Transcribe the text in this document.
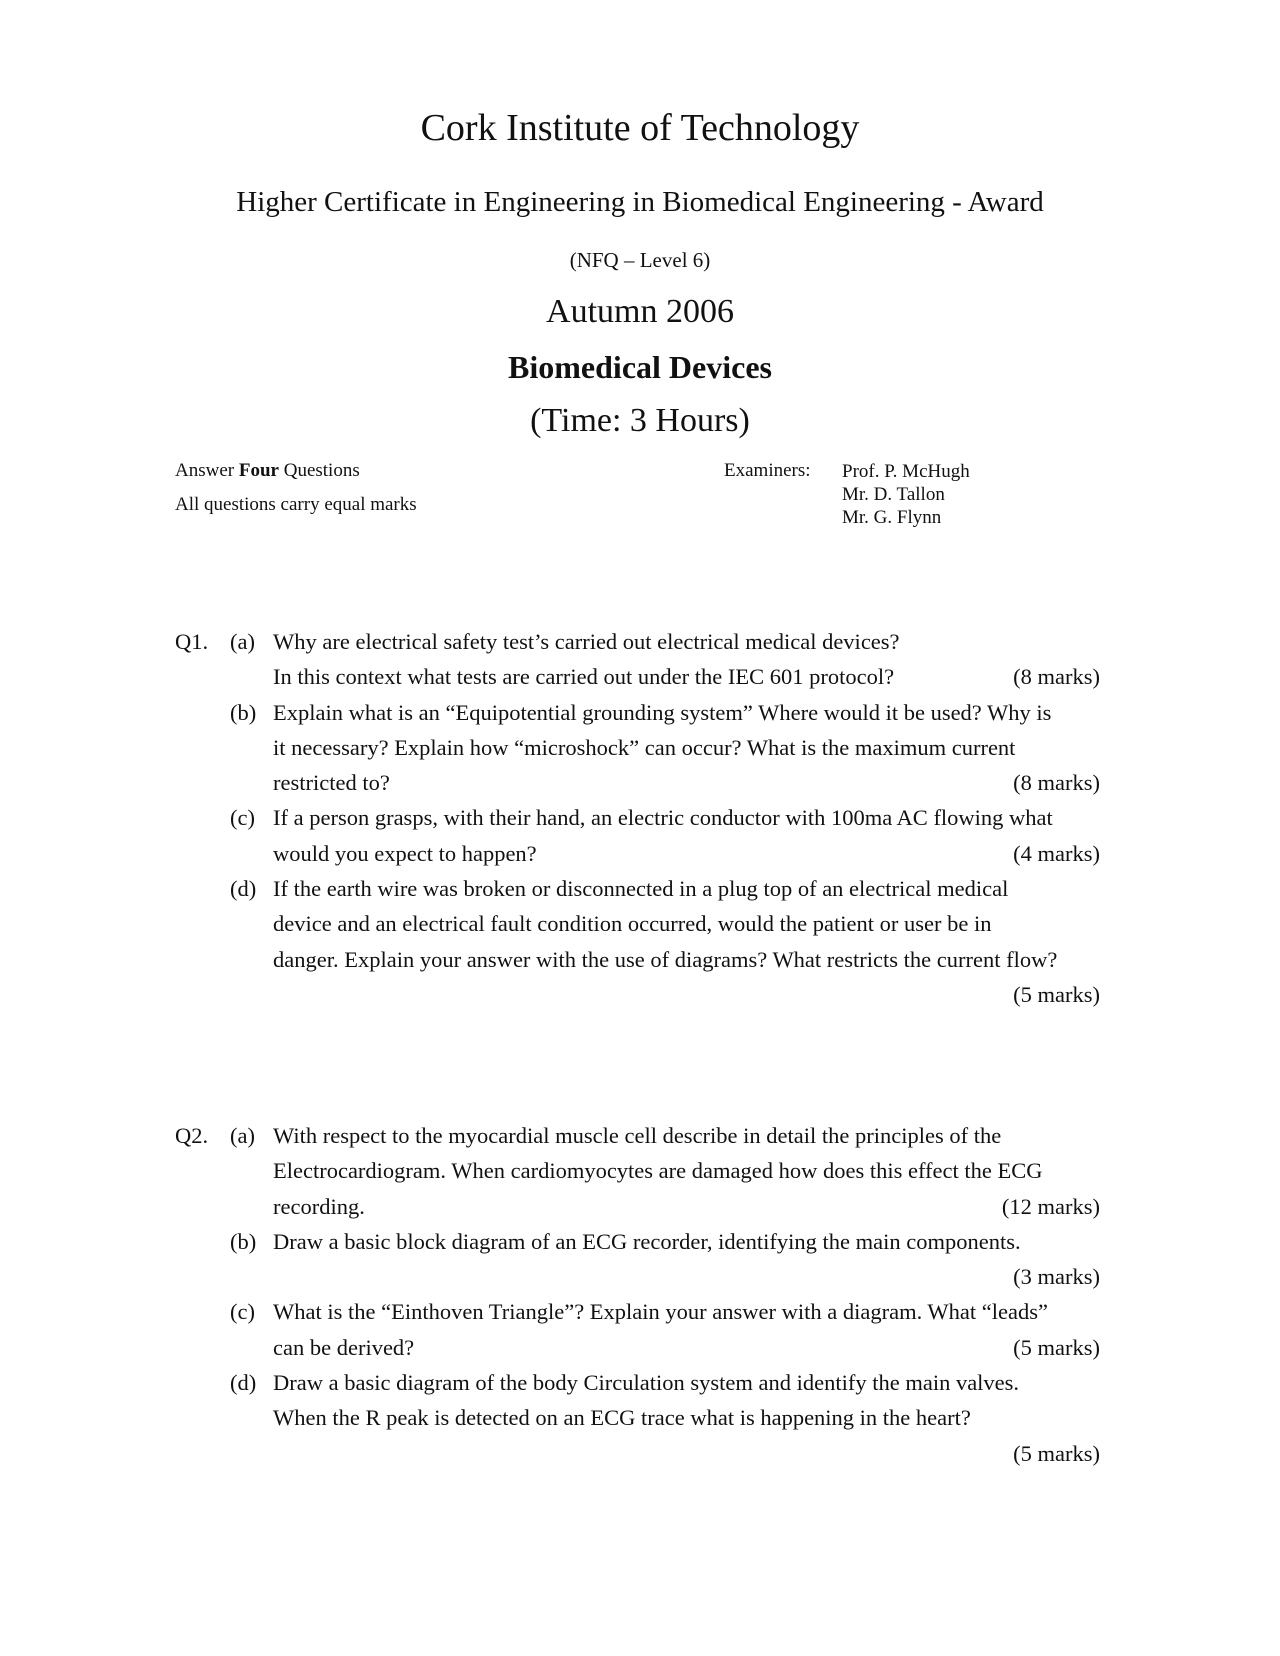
Cork Institute of Technology
Higher Certificate in Engineering in Biomedical Engineering - Award
(NFQ – Level 6)
Autumn 2006
Biomedical Devices
(Time: 3 Hours)
Answer Four Questions
All questions carry equal marks
Examiners: Prof. P. McHugh
Mr. D. Tallon
Mr. G. Flynn
Q1. (a) Why are electrical safety test’s carried out electrical medical devices?
In this context what tests are carried out under the IEC 601 protocol?	(8 marks)
(b) Explain what is an “Equipotential grounding system” Where would it be used? Why is
it necessary? Explain how “microshock” can occur? What is the maximum current
restricted to?	(8 marks)
(c) If a person grasps, with their hand, an electric conductor with 100ma AC flowing what
would you expect to happen?	(4 marks)
(d) If the earth wire was broken or disconnected in a plug top of an electrical medical
device and an electrical fault condition occurred, would the patient or user be in
danger. Explain your answer with the use of diagrams? What restricts the current flow?
(5 marks)
Q2. (a) With respect to the myocardial muscle cell describe in detail the principles of the
Electrocardiogram. When cardiomyocytes are damaged how does this effect the ECG
recording.	(12 marks)
(b) Draw a basic block diagram of an ECG recorder, identifying the main components.
(3 marks)
(c) What is the “Einthoven Triangle”? Explain your answer with a diagram. What “leads”
can be derived?	(5 marks)
(d) Draw a basic diagram of the body Circulation system and identify the main valves.
When the R peak is detected on an ECG trace what is happening in the heart?
(5 marks)
